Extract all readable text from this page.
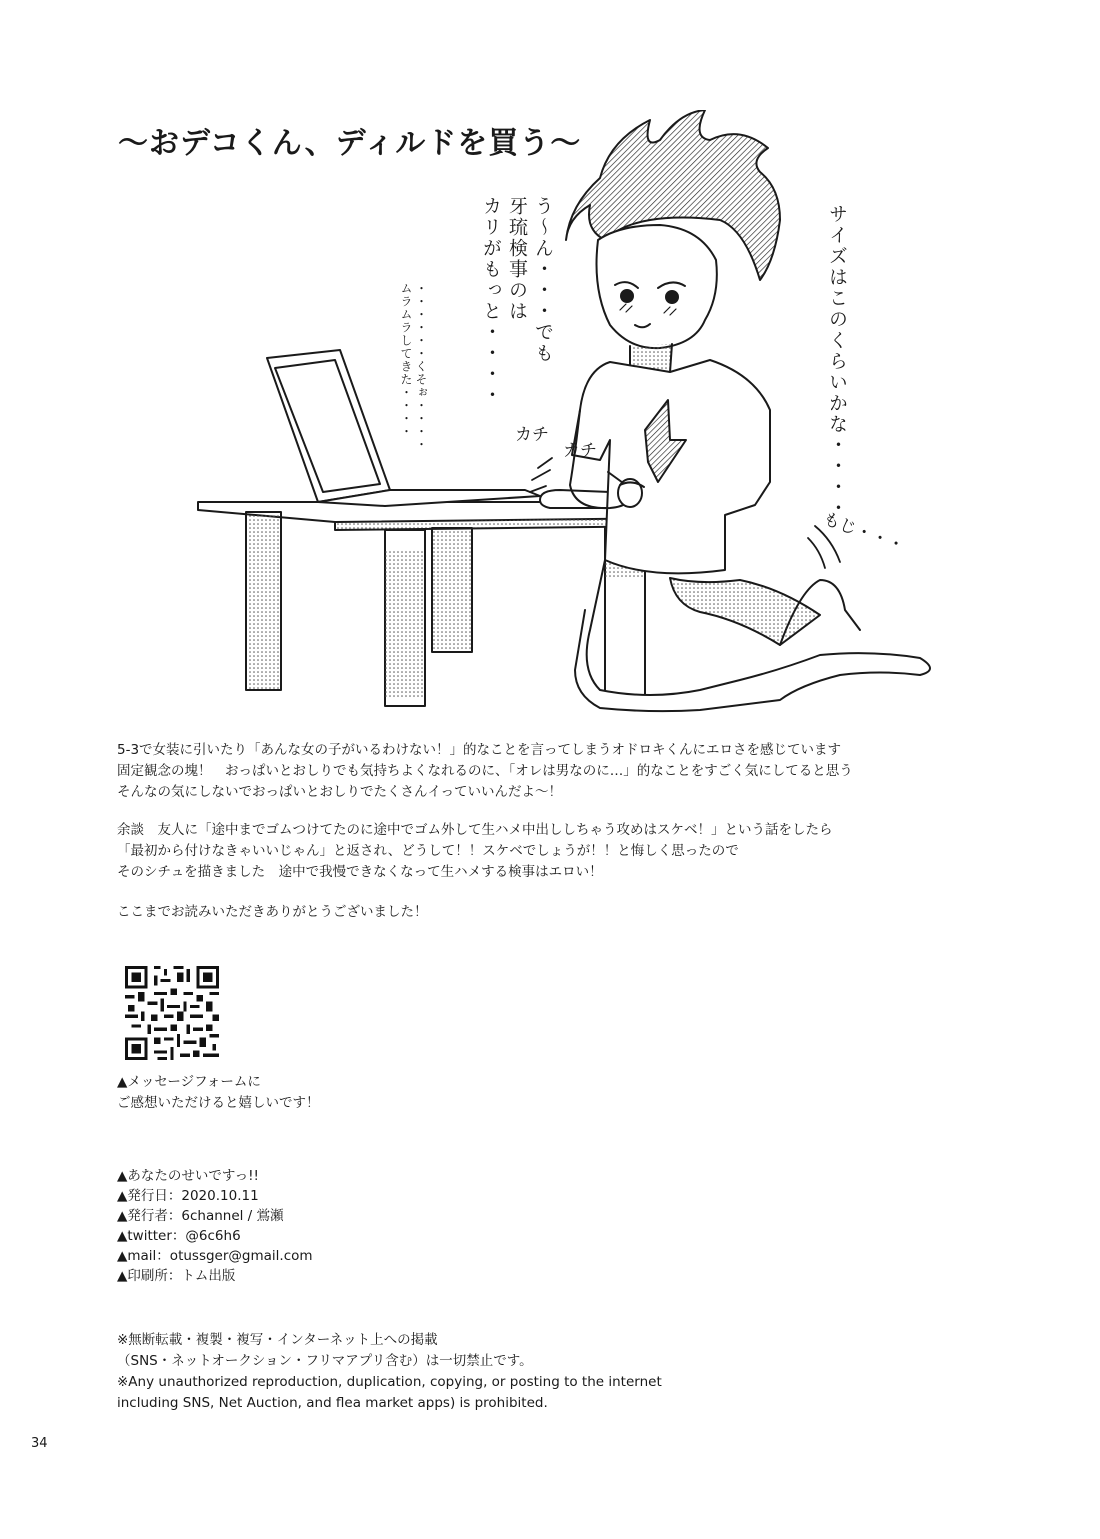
〜おデコくん、ディルドを買う〜

サイズはこのくらいかな・・・・

う〜ん・・・でも
牙琉検事のは
カリがもっと・・・・

・・・・・・くそぉ・・・・
ムラムラしてきた・・・・	カチ

カチ

もじ・・・

5-3で女装に引いたり「あんな女の子がいるわけない！」的なことを言ってしまうオドロキくんにエロさを感じています

固定観念の塊！　おっぱいとおしりでも気持ちよくなれるのに、「オレは男なのに…」的なことをすごく気にしてると思う

そんなの気にしないでおっぱいとおしりでたくさんイっていいんだよ〜！

余談　友人に「途中までゴムつけてたのに途中でゴム外して生ハメ中出ししちゃう攻めはスケベ！」という話をしたら

「最初から付けなきゃいいじゃん」と返され、どうして！！スケベでしょうが！！と悔しく思ったので

そのシチュを描きました　途中で我慢できなくなって生ハメする検事はエロい！

ここまでお読みいただきありがとうございました！

▲メッセージフォームに

ご感想いただけると嬉しいです！

▲あなたのせいですっ!!

▲発行日：2020.10.11

▲発行者：6channel / 鴬瀬

▲twitter：@6c6h6

▲mail：otussger@gmail.com

▲印刷所：トム出版

※無断転載・複製・複写・インターネット上への掲載

（SNS・ネットオークション・フリマアプリ含む）は一切禁止です。

※Any unauthorized reproduction, duplication, copying, or posting to the internet

including SNS, Net Auction, and flea market apps) is prohibited.

34
